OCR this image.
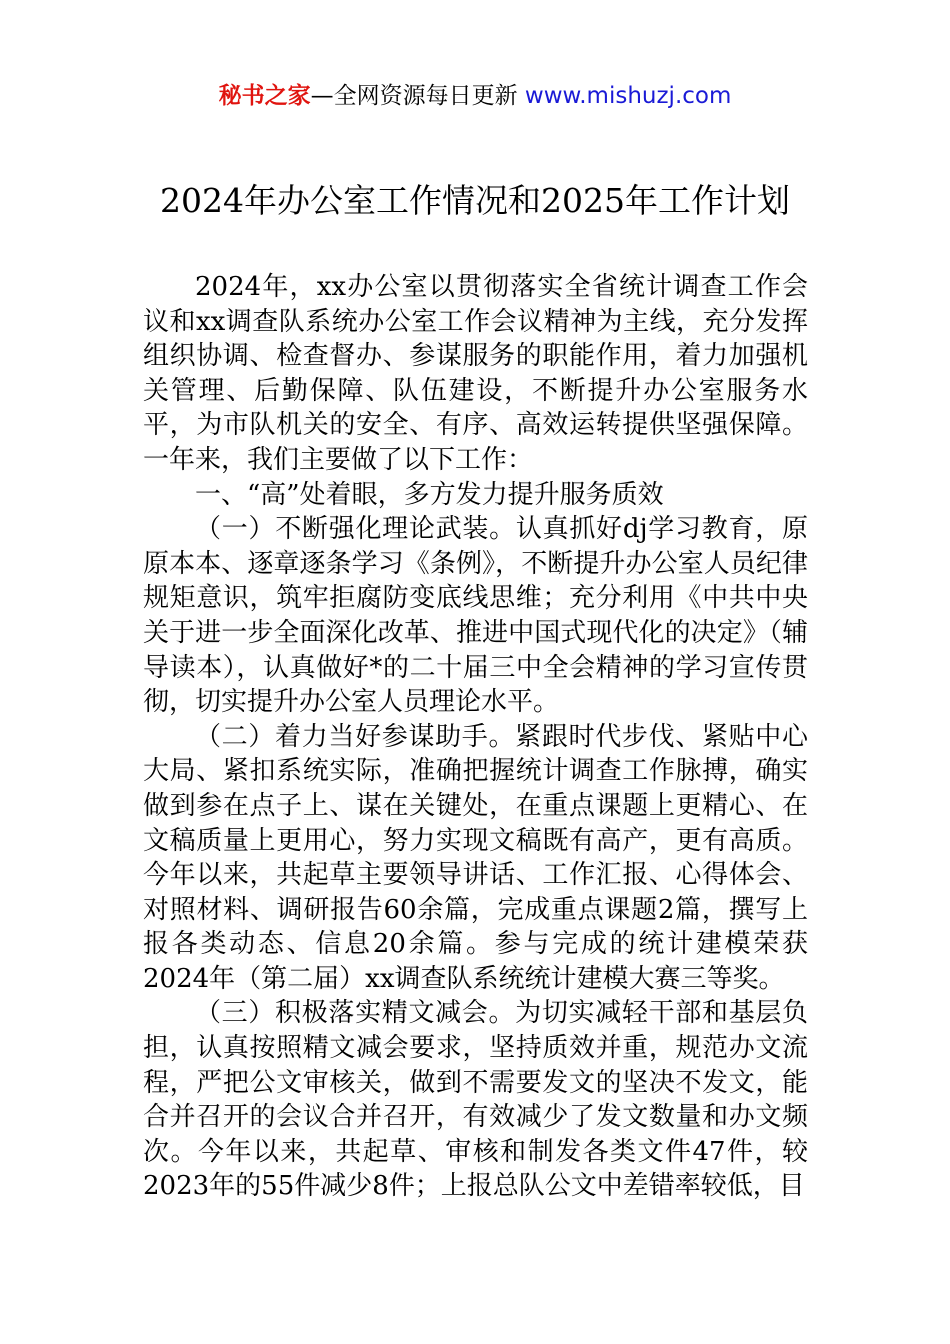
秘书之家—全网资源每日更新 www.mishuzj.com
2024年办公室工作情况和2025年工作计划

2024年，xx办公室以贯彻落实全省统计调查工作会议和xx调查队系统办公室工作会议精神为主线，充分发挥组织协调、检查督办、参谋服务的职能作用，着力加强机关管理、后勤保障、队伍建设，不断提升办公室服务水平，为市队机关的安全、有序、高效运转提供坚强保障。一年来，我们主要做了以下工作：

一、“高”处着眼，多方发力提升服务质效

（一）不断强化理论武装。认真抓好dj学习教育，原原本本、逐章逐条学习《条例》，不断提升办公室人员纪律规矩意识，筑牢拒腐防变底线思维；充分利用《中共中央关于进一步全面深化改革、推进中国式现代化的决定》（辅导读本），认真做好*的二十届三中全会精神的学习宣传贯彻，切实提升办公室人员理论水平。

（二）着力当好参谋助手。紧跟时代步伐、紧贴中心大局、紧扣系统实际，准确把握统计调查工作脉搏，确实做到参在点子上、谋在关键处，在重点课题上更精心、在文稿质量上更用心，努力实现文稿既有高产，更有高质。今年以来，共起草主要领导讲话、工作汇报、心得体会、对照材料、调研报告60余篇，完成重点课题2篇，撰写上报各类动态、信息20余篇。参与完成的统计建模荣获2024年（第二届）xx调查队系统统计建模大赛三等奖。

（三）积极落实精文减会。为切实减轻干部和基层负担，认真按照精文减会要求，坚持质效并重，规范办文流程，严把公文审核关，做到不需要发文的坚决不发文，能合并召开的会议合并召开，有效减少了发文数量和办文频次。今年以来，共起草、审核和制发各类文件47件，较2023年的55件减少8件；上报总队公文中差错率较低，目
